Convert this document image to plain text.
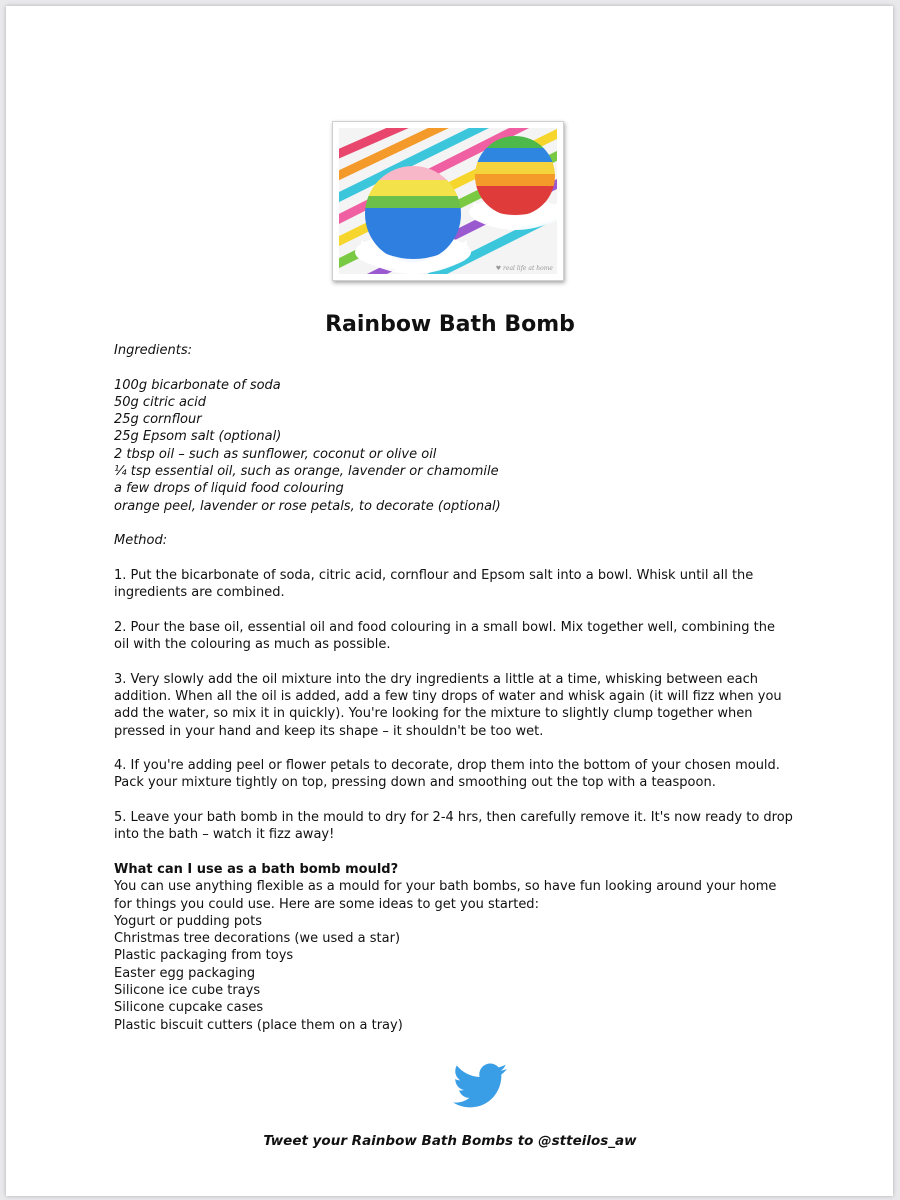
♥ real life at home
Rainbow Bath Bomb
Ingredients:
100g bicarbonate of soda
50g citric acid
25g cornflour
25g Epsom salt (optional)
2 tbsp oil – such as sunflower, coconut or olive oil
¼ tsp essential oil, such as orange, lavender or chamomile
a few drops of liquid food colouring
orange peel, lavender or rose petals, to decorate (optional)
Method:
1. Put the bicarbonate of soda, citric acid, cornflour and Epsom salt into a bowl. Whisk until all the ingredients are combined.
2. Pour the base oil, essential oil and food colouring in a small bowl. Mix together well, combining the oil with the colouring as much as possible.
3. Very slowly add the oil mixture into the dry ingredients a little at a time, whisking between each addition. When all the oil is added, add a few tiny drops of water and whisk again (it will fizz when you add the water, so mix it in quickly). You're looking for the mixture to slightly clump together when pressed in your hand and keep its shape – it shouldn't be too wet.
4. If you're adding peel or flower petals to decorate, drop them into the bottom of your chosen mould. Pack your mixture tightly on top, pressing down and smoothing out the top with a teaspoon.
5. Leave your bath bomb in the mould to dry for 2-4 hrs, then carefully remove it. It's now ready to drop into the bath – watch it fizz away!
What can I use as a bath bomb mould?
You can use anything flexible as a mould for your bath bombs, so have fun looking around your home for things you could use. Here are some ideas to get you started:
Yogurt or pudding pots
Christmas tree decorations (we used a star)
Plastic packaging from toys
Easter egg packaging
Silicone ice cube trays
Silicone cupcake cases
Plastic biscuit cutters (place them on a tray)
Tweet your Rainbow Bath Bombs to @stteilos_aw
